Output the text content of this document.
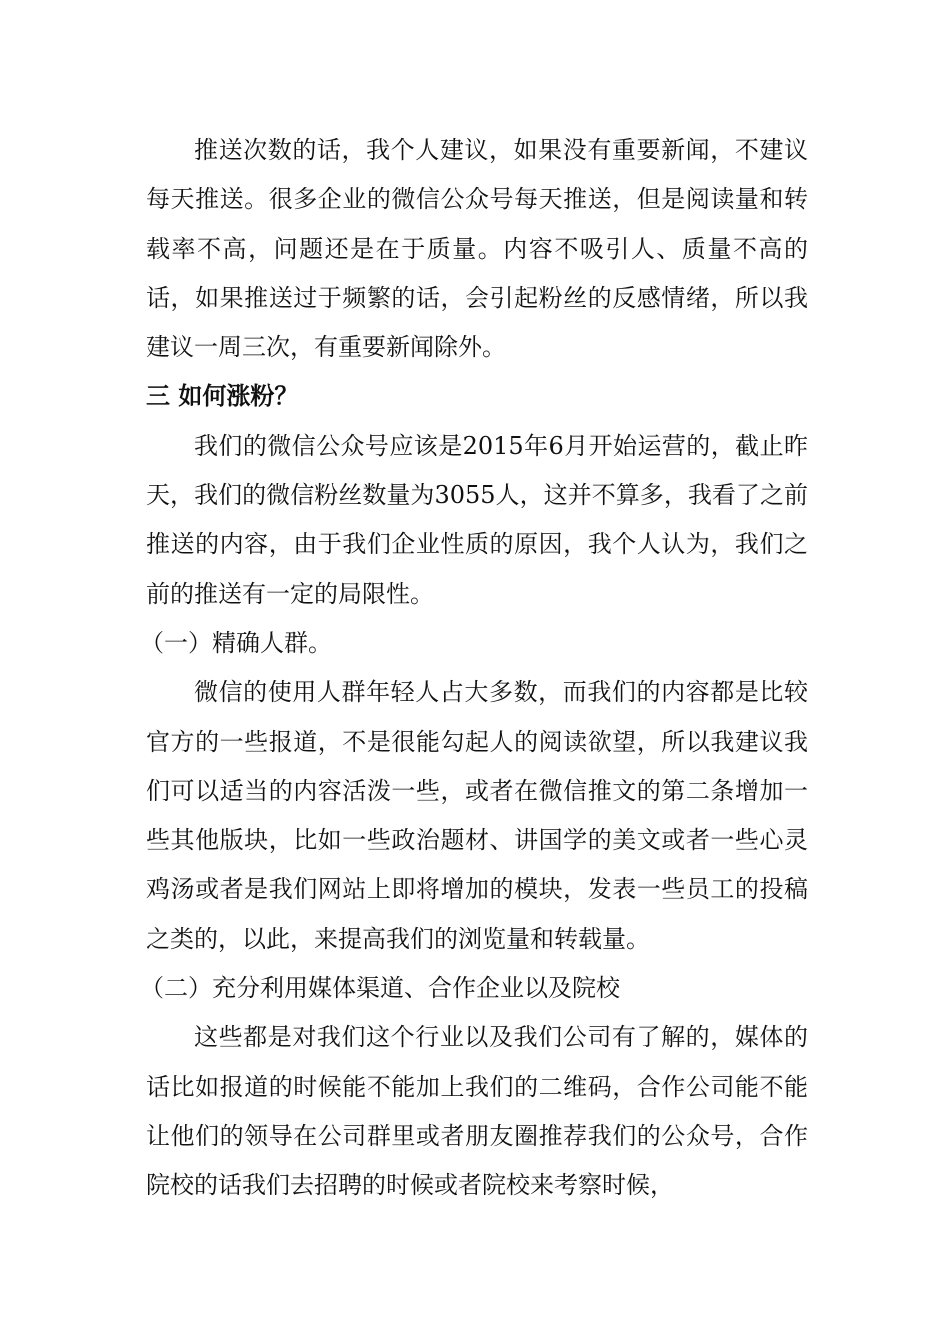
推送次数的话，我个人建议，如果没有重要新闻，不建议每天推送。很多企业的微信公众号每天推送，但是阅读量和转载率不高，问题还是在于质量。内容不吸引人、质量不高的话，如果推送过于频繁的话，会引起粉丝的反感情绪，所以我建议一周三次，有重要新闻除外。

三 如何涨粉？

我们的微信公众号应该是2015年6月开始运营的，截止昨天，我们的微信粉丝数量为3055人，这并不算多，我看了之前推送的内容，由于我们企业性质的原因，我个人认为，我们之前的推送有一定的局限性。

（一）精确人群。

微信的使用人群年轻人占大多数，而我们的内容都是比较官方的一些报道，不是很能勾起人的阅读欲望，所以我建议我们可以适当的内容活泼一些，或者在微信推文的第二条增加一些其他版块，比如一些政治题材、讲国学的美文或者一些心灵鸡汤或者是我们网站上即将增加的模块，发表一些员工的投稿之类的，以此，来提高我们的浏览量和转载量。

（二）充分利用媒体渠道、合作企业以及院校

这些都是对我们这个行业以及我们公司有了解的，媒体的话比如报道的时候能不能加上我们的二维码，合作公司能不能让他们的领导在公司群里或者朋友圈推荐我们的公众号，合作院校的话我们去招聘的时候或者院校来考察时候，
